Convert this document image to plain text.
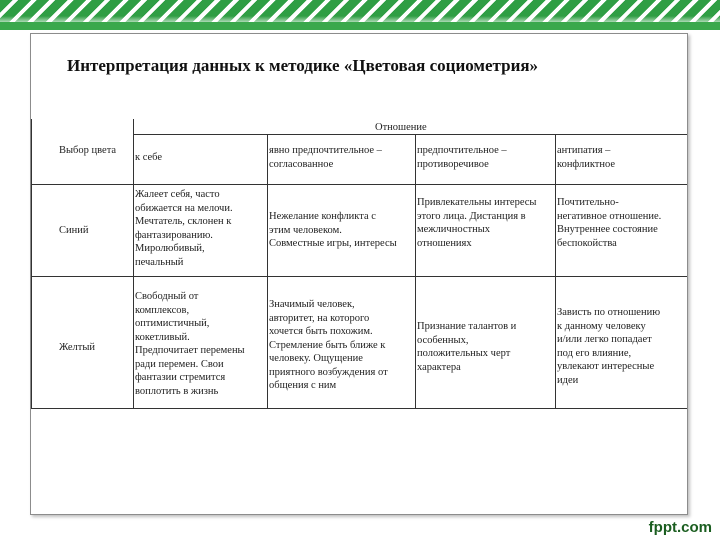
Интерпретация данных к методике «Цветовая социометрия»
Отношение
Выбор цвета
к себе
явно предпочтительное –
согласованное
предпочтительное –
противоречивое
антипатия –
конфликтное
Синий
Жалеет себя, часто
обижается на мелочи.
Мечтатель, склонен к
фантазированию.
Миролюбивый,
печальный
Нежелание конфликта с
этим человеком.
Совместные игры, интересы
Привлекательны интересы
этого лица. Дистанция в
межличностных
отношениях
Почтительно-
негативное отношение.
Внутреннее состояние
беспокойства
Желтый
Свободный от
комплексов,
оптимистичный,
кокетливый.
Предпочитает перемены
ради перемен. Свои
фантазии стремится
воплотить в жизнь
Значимый человек,
авторитет, на которого
хочется быть похожим.
Стремление быть ближе к
человеку. Ощущение
приятного возбуждения от
общения с ним
Признание талантов и
особенных,
положительных черт
характера
Зависть по отношению
к данному человеку
и/или легко попадает
под его влияние,
увлекают интересные
идеи
fppt.com
